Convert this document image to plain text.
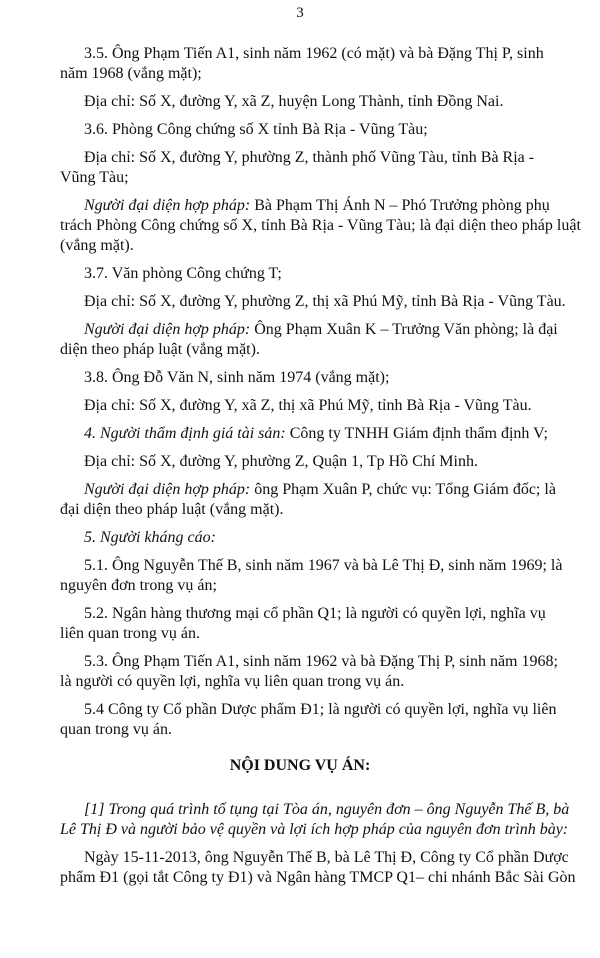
3
3.5. Ông Phạm Tiến A1, sinh năm 1962 (có mặt) và bà Đặng Thị P, sinh
năm 1968 (vắng mặt);
Địa chỉ: Số X, đường Y, xã Z, huyện Long Thành, tỉnh Đồng Nai.
3.6. Phòng Công chứng số X tỉnh Bà Rịa - Vũng Tàu;
Địa chỉ: Số X, đường Y, phường Z, thành phố Vũng Tàu, tỉnh Bà Rịa -
Vũng Tàu;
Người đại diện hợp pháp: Bà Phạm Thị Ánh N – Phó Trưởng phòng phụ
trách Phòng Công chứng số X, tỉnh Bà Rịa - Vũng Tàu; là đại diện theo pháp luật
(vắng mặt).
3.7. Văn phòng Công chứng T;
Địa chỉ: Số X, đường Y, phường Z, thị xã Phú Mỹ, tỉnh Bà Rịa - Vũng Tàu.
Người đại diện hợp pháp: Ông Phạm Xuân K – Trưởng Văn phòng; là đại
diện theo pháp luật (vắng mặt).
3.8. Ông Đỗ Văn N, sinh năm 1974 (vắng mặt);
Địa chỉ: Số X, đường Y, xã Z, thị xã Phú Mỹ, tỉnh Bà Rịa - Vũng Tàu.
4. Người thẩm định giá tài sản: Công ty TNHH Giám định thẩm định V;
Địa chỉ: Số X, đường Y, phường Z, Quận 1, Tp Hồ Chí Minh.
Người đại diện hợp pháp: ông Phạm Xuân P, chức vụ: Tổng Giám đốc; là
đại diện theo pháp luật (vắng mặt).
5. Người kháng cáo:
5.1. Ông Nguyễn Thế B, sinh năm 1967 và bà Lê Thị Đ, sinh năm 1969; là
nguyên đơn trong vụ án;
5.2. Ngân hàng thương mại cổ phần Q1; là người có quyền lợi, nghĩa vụ
liên quan trong vụ án.
5.3. Ông Phạm Tiến A1, sinh năm 1962 và bà Đặng Thị P, sinh năm 1968;
là người có quyền lợi, nghĩa vụ liên quan trong vụ án.
5.4 Công ty Cổ phần Dược phẩm Đ1; là người có quyền lợi, nghĩa vụ liên
quan trong vụ án.
NỘI DUNG VỤ ÁN:
[1] Trong quá trình tố tụng tại Tòa án, nguyên đơn – ông Nguyễn Thế B, bà
Lê Thị Đ và người bảo vệ quyền và lợi ích hợp pháp của nguyên đơn trình bày:
Ngày 15-11-2013, ông Nguyễn Thế B, bà Lê Thị Đ, Công ty Cổ phần Dược
phẩm Đ1 (gọi tắt Công ty Đ1) và Ngân hàng TMCP Q1– chi nhánh Bắc Sài Gòn
